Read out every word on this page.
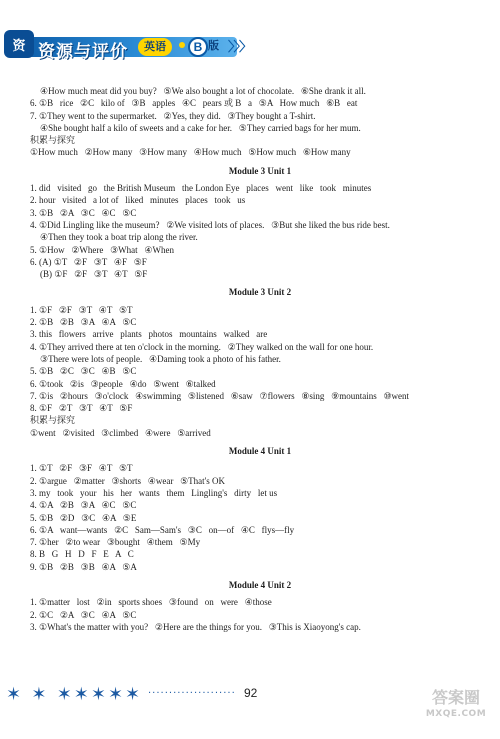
资 资源与评价	英语	B 版 〉〉〉
④How much meat did you buy?   ⑤We also bought a lot of chocolate.   ⑥She drank it all.
6. ①B   rice   ②C   kilo of   ③B   apples   ④C   pears 或 B   a   ⑤A   How much   ⑥B   eat
7. ①They went to the supermarket.   ②Yes, they did.   ③They bought a T-shirt.
④She bought half a kilo of sweets and a cake for her.   ⑤They carried bags for her mum.
积累与探究
①How much   ②How many   ③How many   ④How much   ⑤How much   ⑥How many
Module 3 Unit 1
1. did   visited   go   the British Museum   the London Eye   places   went   like   took   minutes
2. hour   visited   a lot of   liked   minutes   places   took   us
3. ①B   ②A   ③C   ④C   ⑤C
4. ①Did Lingling like the museum?   ②We visited lots of places.   ③But she liked the bus ride best.
④Then they took a boat trip along the river.
5. ①How   ②Where   ③What   ④When
6. (A) ①T   ②F   ③T   ④F   ⑤F
(B) ①F   ②F   ③T   ④T   ⑤F
Module 3 Unit 2
1. ①F   ②F   ③T   ④T   ⑤T
2. ①B   ②B   ③A   ④A   ⑤C
3. this   flowers   arrive   plants   photos   mountains   walked   are
4. ①They arrived there at ten o'clock in the morning.   ②They walked on the wall for one hour.
③There were lots of people.   ④Daming took a photo of his father.
5. ①B   ②C   ③C   ④B   ⑤C
6. ①took   ②is   ③people   ④do   ⑤went   ⑥talked
7. ①is   ②hours   ③o'clock   ④swimming   ⑤listened   ⑥saw   ⑦flowers   ⑧sing   ⑨mountains   ⑩went
8. ①F   ②T   ③T   ④T   ⑤F
积累与探究
①went   ②visited   ③climbed   ④were   ⑤arrived
Module 4 Unit 1
1. ①T   ②F   ③F   ④T   ⑤T
2. ①argue   ②matter   ③shorts   ④wear   ⑤That's OK
3. my   took   your   his   her   wants   them   Lingling's   dirty   let us
4. ①A   ②B   ③A   ④C   ⑤C
5. ①B   ②D   ③C   ④A   ⑤E
6. ①A   want—wants   ②C   Sam—Sam's   ③C   on—of   ④C   flys—fly
7. ①her   ②to wear   ③bought   ④them   ⑤My
8. B   G   H   D   F   E   A   C
9. ①B   ②B   ③B   ④A   ⑤A
Module 4 Unit 2
1. ①matter   lost   ②in   sports shoes   ③found   on   were   ④those
2. ①C   ②A   ③C   ④A   ⑤C
3. ①What's the matter with you?   ②Here are the things for you.   ③This is Xiaoyong's cap.
✶ ✶ ✶✶✶✶✶ ····················· 92	答案圈
MXQE.COM
